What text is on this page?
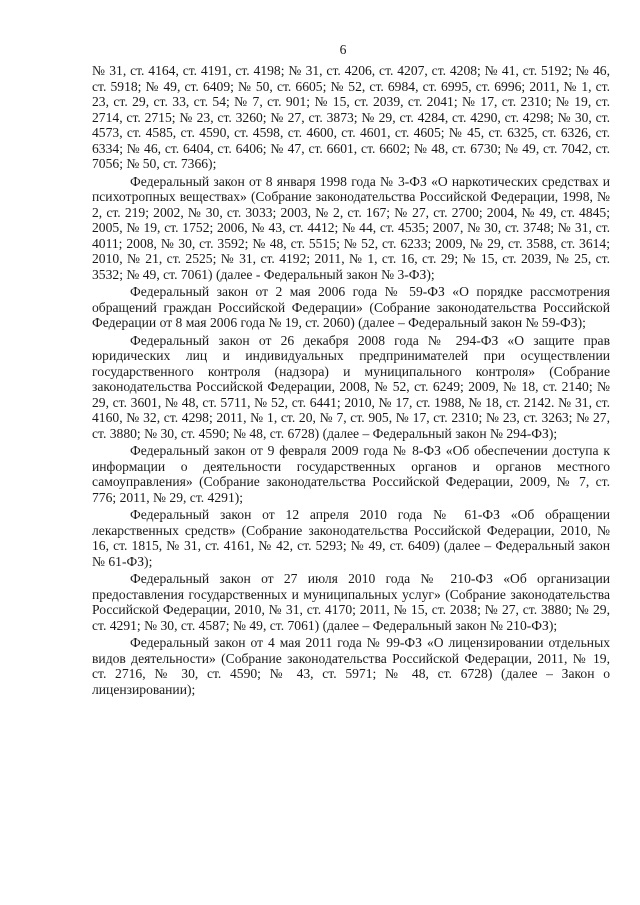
6

№ 31, ст. 4164, ст. 4191, ст. 4198; № 31, ст. 4206, ст. 4207, ст. 4208; № 41, ст. 5192; № 46, ст. 5918; № 49, ст. 6409; № 50, ст. 6605; № 52, ст. 6984, ст. 6995, ст. 6996; 2011, № 1, ст. 23, ст. 29, ст. 33, ст. 54; № 7, ст. 901; № 15, ст. 2039, ст. 2041; № 17, ст. 2310; № 19, ст. 2714, ст. 2715; № 23, ст. 3260; № 27, ст. 3873; № 29, ст. 4284, ст. 4290, ст. 4298; № 30, ст. 4573, ст. 4585, ст. 4590, ст. 4598, ст. 4600, ст. 4601, ст. 4605; № 45, ст. 6325, ст. 6326, ст. 6334; № 46, ст. 6404, ст. 6406; № 47, ст. 6601, ст. 6602; № 48, ст. 6730; № 49, ст. 7042, ст. 7056; № 50, ст. 7366);

Федеральный закон от 8 января 1998 года № 3-ФЗ «О наркотических средствах и психотропных веществах» (Собрание законодательства Российской Федерации, 1998, № 2, ст. 219; 2002, № 30, ст. 3033; 2003, № 2, ст. 167; № 27, ст. 2700; 2004, № 49, ст. 4845; 2005, № 19, ст. 1752; 2006, № 43, ст. 4412; № 44, ст. 4535; 2007, № 30, ст. 3748; № 31, ст. 4011; 2008, № 30, ст. 3592; № 48, ст. 5515; № 52, ст. 6233; 2009, № 29, ст. 3588, ст. 3614; 2010, № 21, ст. 2525; № 31, ст. 4192; 2011, № 1, ст. 16, ст. 29; № 15, ст. 2039, № 25, ст. 3532; № 49, ст. 7061) (далее - Федеральный закон № 3-ФЗ);

Федеральный закон от 2 мая 2006 года № 59-ФЗ «О порядке рассмотрения обращений граждан Российской Федерации» (Собрание законодательства Российской Федерации от 8 мая 2006 года № 19, ст. 2060) (далее – Федеральный закон № 59-ФЗ);

Федеральный закон от 26 декабря 2008 года № 294-ФЗ «О защите прав юридических лиц и индивидуальных предпринимателей при осуществлении государственного контроля (надзора) и муниципального контроля» (Собрание законодательства Российской Федерации, 2008, № 52, ст. 6249; 2009, № 18, ст. 2140; № 29, ст. 3601, № 48, ст. 5711, № 52, ст. 6441; 2010, № 17, ст. 1988, № 18, ст. 2142. № 31, ст. 4160, № 32, ст. 4298; 2011, № 1, ст. 20, № 7, ст. 905, № 17, ст. 2310; № 23, ст. 3263; № 27, ст. 3880; № 30, ст. 4590; № 48, ст. 6728) (далее – Федеральный закон № 294-ФЗ);

Федеральный закон от 9 февраля 2009 года № 8-ФЗ «Об обеспечении доступа к информации о деятельности государственных органов и органов местного самоуправления» (Собрание законодательства Российской Федерации, 2009, № 7, ст. 776; 2011, № 29, ст. 4291);

Федеральный закон от 12 апреля 2010 года № 61-ФЗ «Об обращении лекарственных средств» (Собрание законодательства Российской Федерации, 2010, № 16, ст. 1815, № 31, ст. 4161, № 42, ст. 5293; № 49, ст. 6409) (далее – Федеральный закон № 61-ФЗ);

Федеральный закон от 27 июля 2010 года № 210-ФЗ «Об организации предоставления государственных и муниципальных услуг» (Собрание законодательства Российской Федерации, 2010, № 31, ст. 4170; 2011, № 15, ст. 2038; № 27, ст. 3880; № 29, ст. 4291; № 30, ст. 4587; № 49, ст. 7061) (далее – Федеральный закон № 210-ФЗ);

Федеральный закон от 4 мая 2011 года № 99-ФЗ «О лицензировании отдельных видов деятельности» (Собрание законодательства Российской Федерации, 2011, № 19, ст. 2716, № 30, ст. 4590; № 43, ст. 5971; № 48, ст. 6728) (далее – Закон о лицензировании);
